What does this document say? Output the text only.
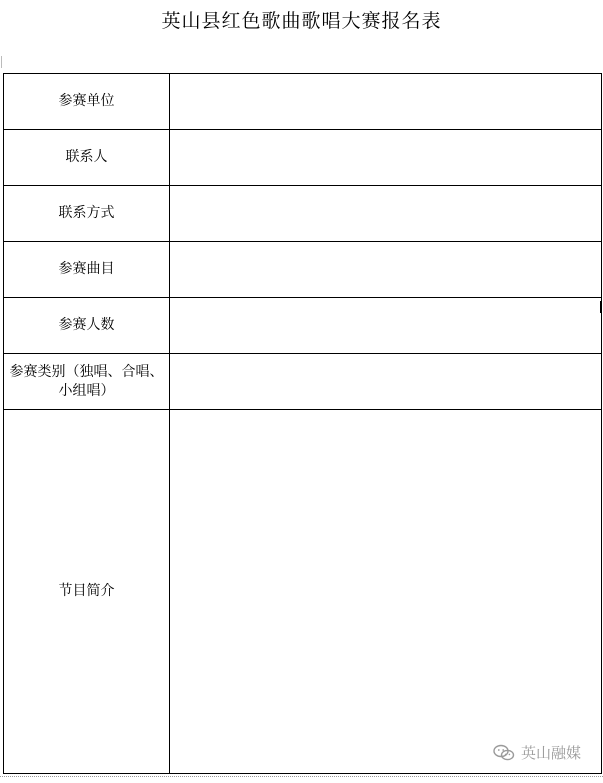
英山县红色歌曲歌唱大赛报名表
参赛单位	
联系人	
联系方式	
参赛曲目	
参赛人数	
参赛类别（独唱、合唱、小组唱）	
节目简介	
英山融媒
